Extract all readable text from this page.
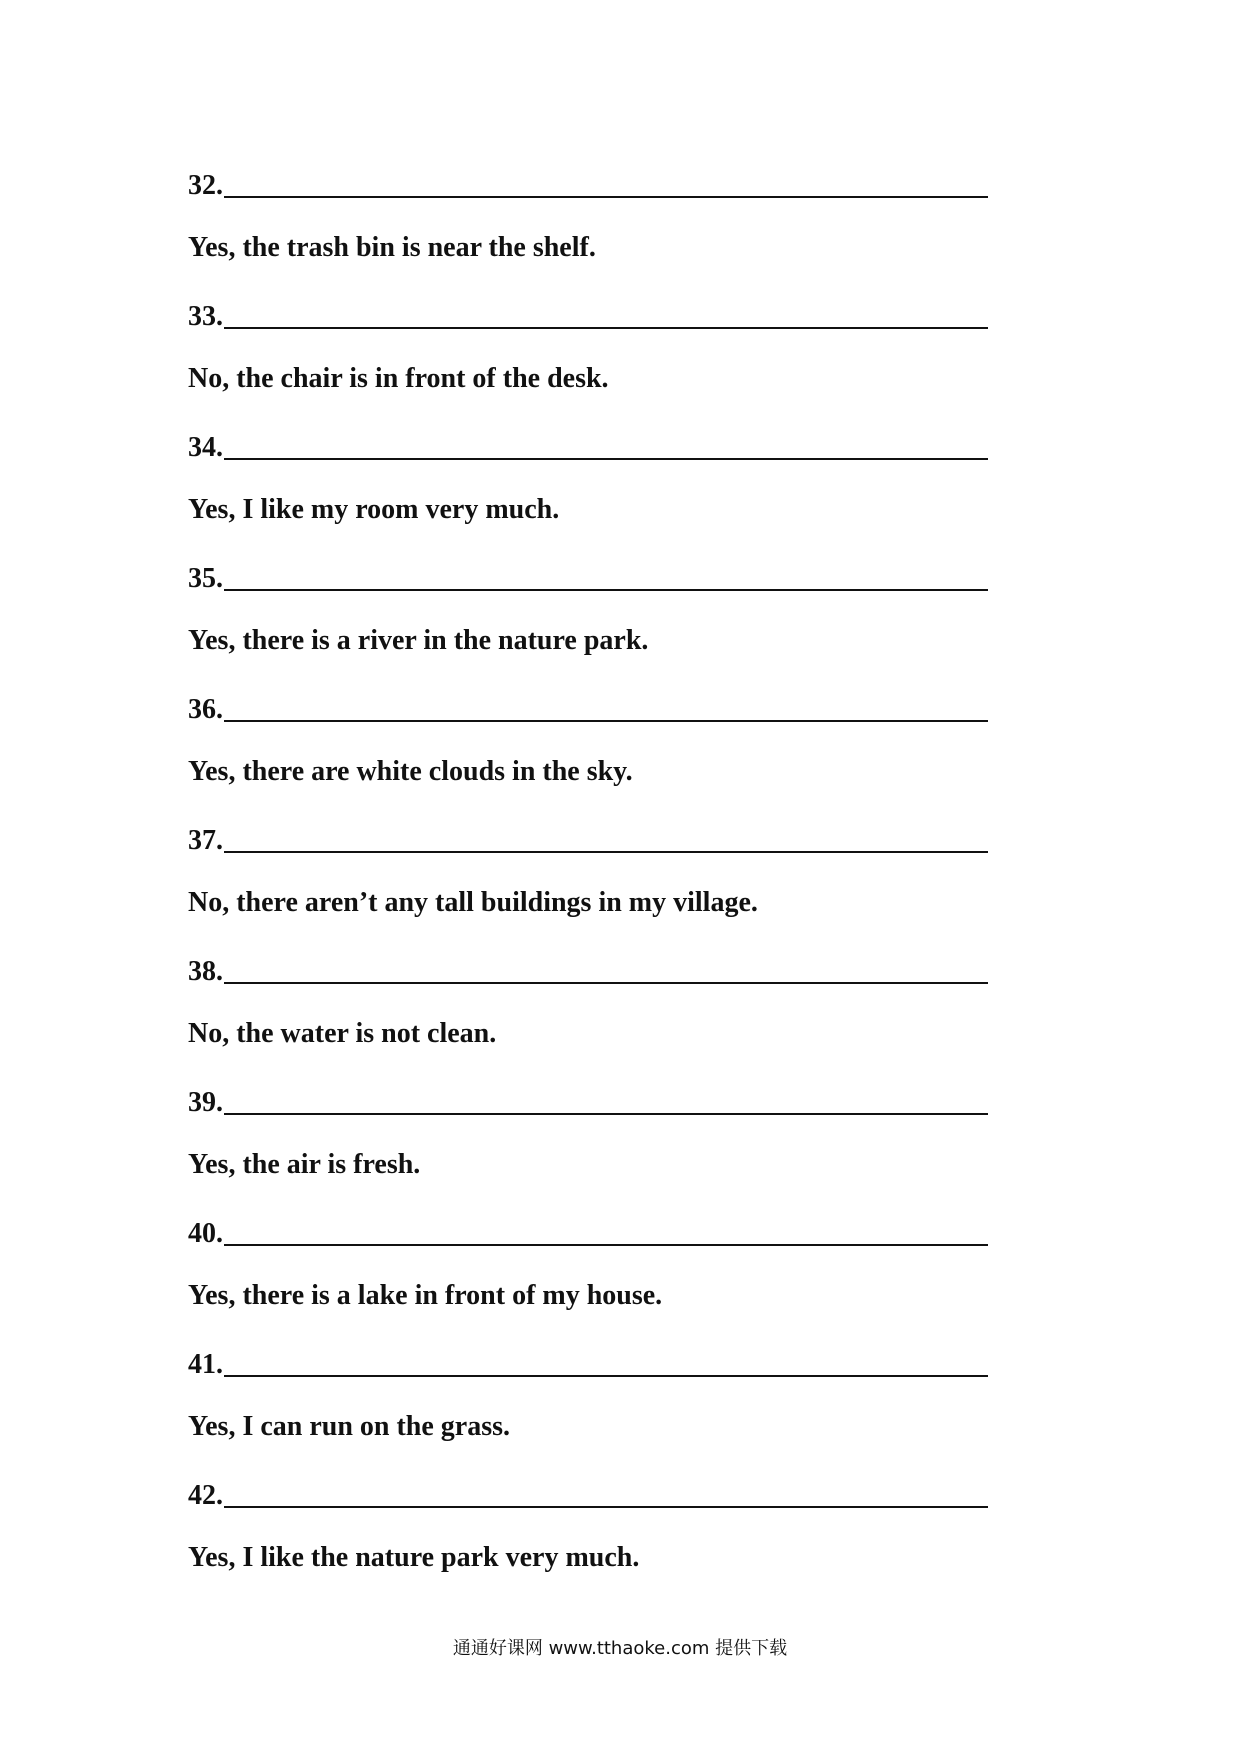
32.
Yes, the trash bin is near the shelf.
33.
No, the chair is in front of the desk.
34.
Yes, I like my room very much.
35.
Yes, there is a river in the nature park.
36.
Yes, there are white clouds in the sky.
37.
No, there aren’t any tall buildings in my village.
38.
No, the water is not clean.
39.
Yes, the air is fresh.
40.
Yes, there is a lake in front of my house.
41.
Yes, I can run on the grass.
42.
Yes, I like the nature park very much.
通通好课网 www.tthaoke.com 提供下载
